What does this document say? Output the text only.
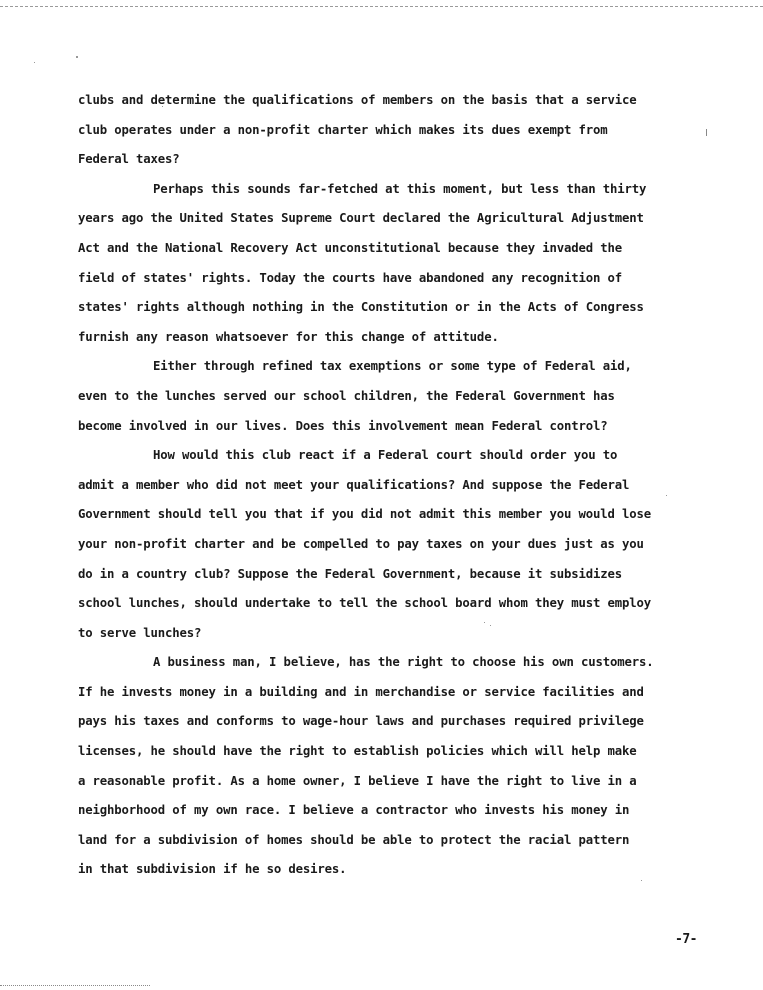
clubs and determine the qualifications of members on the basis that a service
club operates under a non-profit charter which makes its dues exempt from
Federal taxes?
Perhaps this sounds far-fetched at this moment, but less than thirty
years ago the United States Supreme Court declared the Agricultural Adjustment
Act and the National Recovery Act unconstitutional because they invaded the
field of states' rights. Today the courts have abandoned any recognition of
states' rights although nothing in the Constitution or in the Acts of Congress
furnish any reason whatsoever for this change of attitude.
Either through refined tax exemptions or some type of Federal aid,
even to the lunches served our school children, the Federal Government has
become involved in our lives. Does this involvement mean Federal control?
How would this club react if a Federal court should order you to
admit a member who did not meet your qualifications? And suppose the Federal
Government should tell you that if you did not admit this member you would lose
your non-profit charter and be compelled to pay taxes on your dues just as you
do in a country club? Suppose the Federal Government, because it subsidizes
school lunches, should undertake to tell the school board whom they must employ
to serve lunches?
A business man, I believe, has the right to choose his own customers.
If he invests money in a building and in merchandise or service facilities and
pays his taxes and conforms to wage-hour laws and purchases required privilege
licenses, he should have the right to establish policies which will help make
a reasonable profit. As a home owner, I believe I have the right to live in a
neighborhood of my own race. I believe a contractor who invests his money in
land for a subdivision of homes should be able to protect the racial pattern
in that subdivision if he so desires.
-7-
